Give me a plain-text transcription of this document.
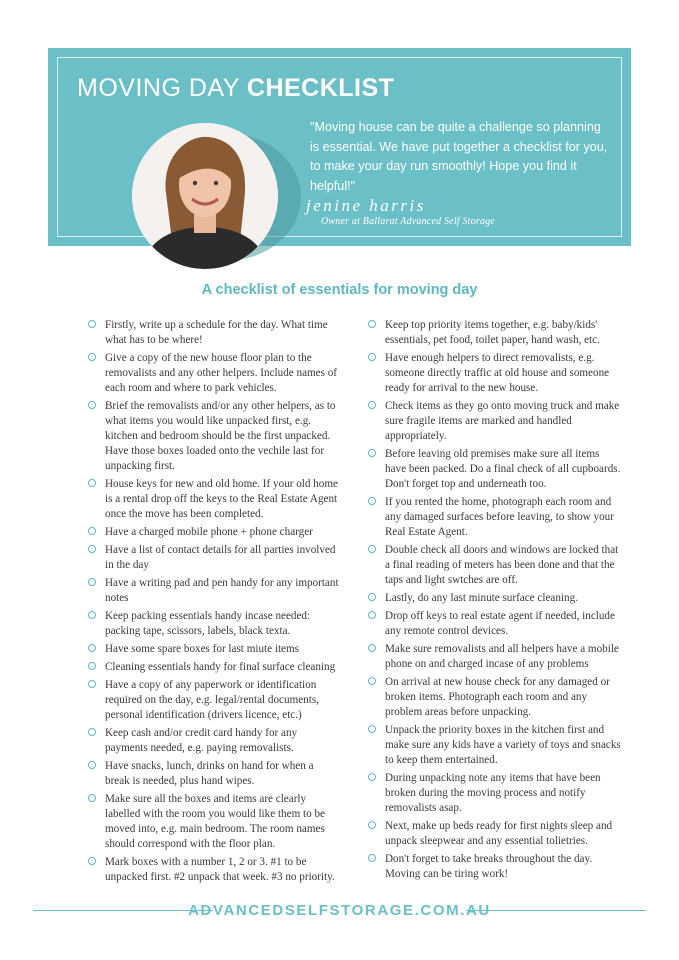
MOVING DAY CHECKLIST

"Moving house can be quite a challenge so planning is essential. We have put together a checklist for you, to make your day run smoothly! Hope you find it helpful!"

jenine harris
Owner at Ballarat Advanced Self Storage
A checklist of essentials for moving day
Firstly, write up a schedule for the day. What time what has to be where!
Give a copy of the new house floor plan to the removalists and any other helpers. Include names of each room and where to park vehicles.
Brief the removalists and/or any other helpers, as to what items you would like unpacked first, e.g. kitchen and bedroom should be the first unpacked. Have those boxes loaded onto the vechile last for unpacking first.
House keys for new and old home. If your old home is a rental drop off the keys to the Real Estate Agent once the move has been completed.
Have a charged mobile phone + phone charger
Have a list of contact details for all parties involved in the day
Have a writing pad and pen handy for any important notes
Keep packing essentials handy incase needed: packing tape, scissors, labels, black texta.
Have some spare boxes for last miute items
Cleaning essentials handy for final surface cleaning
Have a copy of any paperwork or identification required on the day, e.g. legal/rental documents, personal identification (drivers licence, etc.)
Keep cash and/or credit card handy for any payments needed, e.g. paying removalists.
Have snacks, lunch, drinks on hand for when a break is needed, plus hand wipes.
Make sure all the boxes and items are clearly labelled with the room you would like them to be moved into, e.g. main bedroom. The room names should correspond with the floor plan.
Mark boxes with a number 1, 2 or 3. #1 to be unpacked first. #2 unpack that week. #3 no priority.
Keep top priority items together, e.g. baby/kids' essentials, pet food, toilet paper, hand wash, etc.
Have enough helpers to direct removalists, e.g. someone directly traffic at old house and someone ready for arrival to the new house.
Check items as they go onto moving truck and make sure fragile items are marked and handled appropriately.
Before leaving old premises make sure all items have been packed. Do a final check of all cupboards. Don't forget top and underneath too.
If you rented the home, photograph each room and any damaged surfaces before leaving, to show your Real Estate Agent.
Double check all doors and windows are locked that a final reading of meters has been done and that the taps and light swtches are off.
Lastly, do any last minute surface cleaning.
Drop off keys to real estate agent if needed, include any remote control devices.
Make sure removalists and all helpers have a mobile phone on and charged incase of any problems
On arrival at new house check for any damaged or broken items. Photograph each room and any problem areas before unpacking.
Unpack the priority boxes in the kitchen first and make sure any kids have a variety of toys and snacks to keep them entertained.
During unpacking note any items that have been broken during the moving process and notify removalists asap.
Next, make up beds ready for first nights sleep and unpack sleepwear and any essential tolietries.
Don't forget to take breaks throughout the day. Moving can be tiring work!
ADVANCEDSELFSTORAGE.COM.AU
